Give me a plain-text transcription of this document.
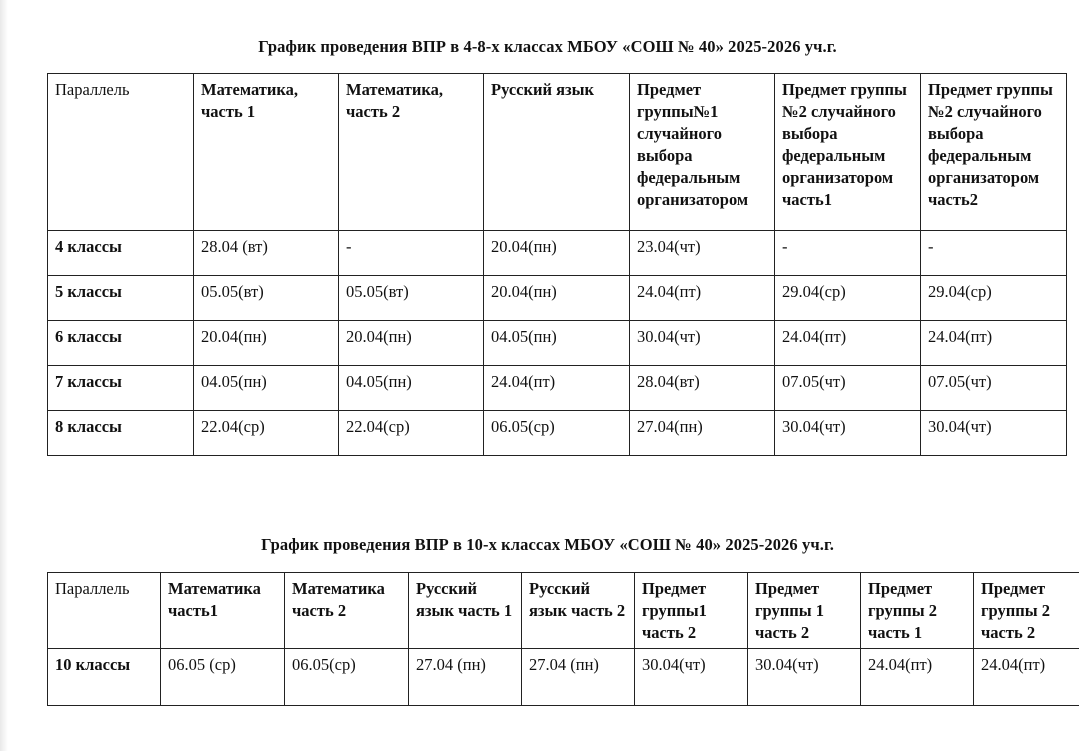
График проведения ВПР в 4-8-х классах МБОУ «СОШ № 40» 2025-2026 уч.г.
Параллель	Математика, часть 1	Математика, часть 2	Русский язык	Предмет группы№1 случайного выбора федеральным организатором	Предмет группы №2 случайного выбора федеральным организатором часть1	Предмет группы №2 случайного выбора федеральным организатором часть2
4 классы	28.04 (вт)	-	20.04(пн)	23.04(чт)	-	-
5 классы	05.05(вт)	05.05(вт)	20.04(пн)	24.04(пт)	29.04(ср)	29.04(ср)
6 классы	20.04(пн)	20.04(пн)	04.05(пн)	30.04(чт)	24.04(пт)	24.04(пт)
7 классы	04.05(пн)	04.05(пн)	24.04(пт)	28.04(вт)	07.05(чт)	07.05(чт)
8 классы	22.04(ср)	22.04(ср)	06.05(ср)	27.04(пн)	30.04(чт)	30.04(чт)
График проведения ВПР в 10-х классах МБОУ «СОШ № 40» 2025-2026 уч.г.
Параллель	Математика часть1	Математика часть 2	Русский язык часть 1	Русский язык часть 2	Предмет группы1 часть 2	Предмет группы 1 часть 2	Предмет группы 2 часть 1	Предмет группы 2 часть 2
10 классы	06.05 (ср)	06.05(ср)	27.04 (пн)	27.04 (пн)	30.04(чт)	30.04(чт)	24.04(пт)	24.04(пт)
